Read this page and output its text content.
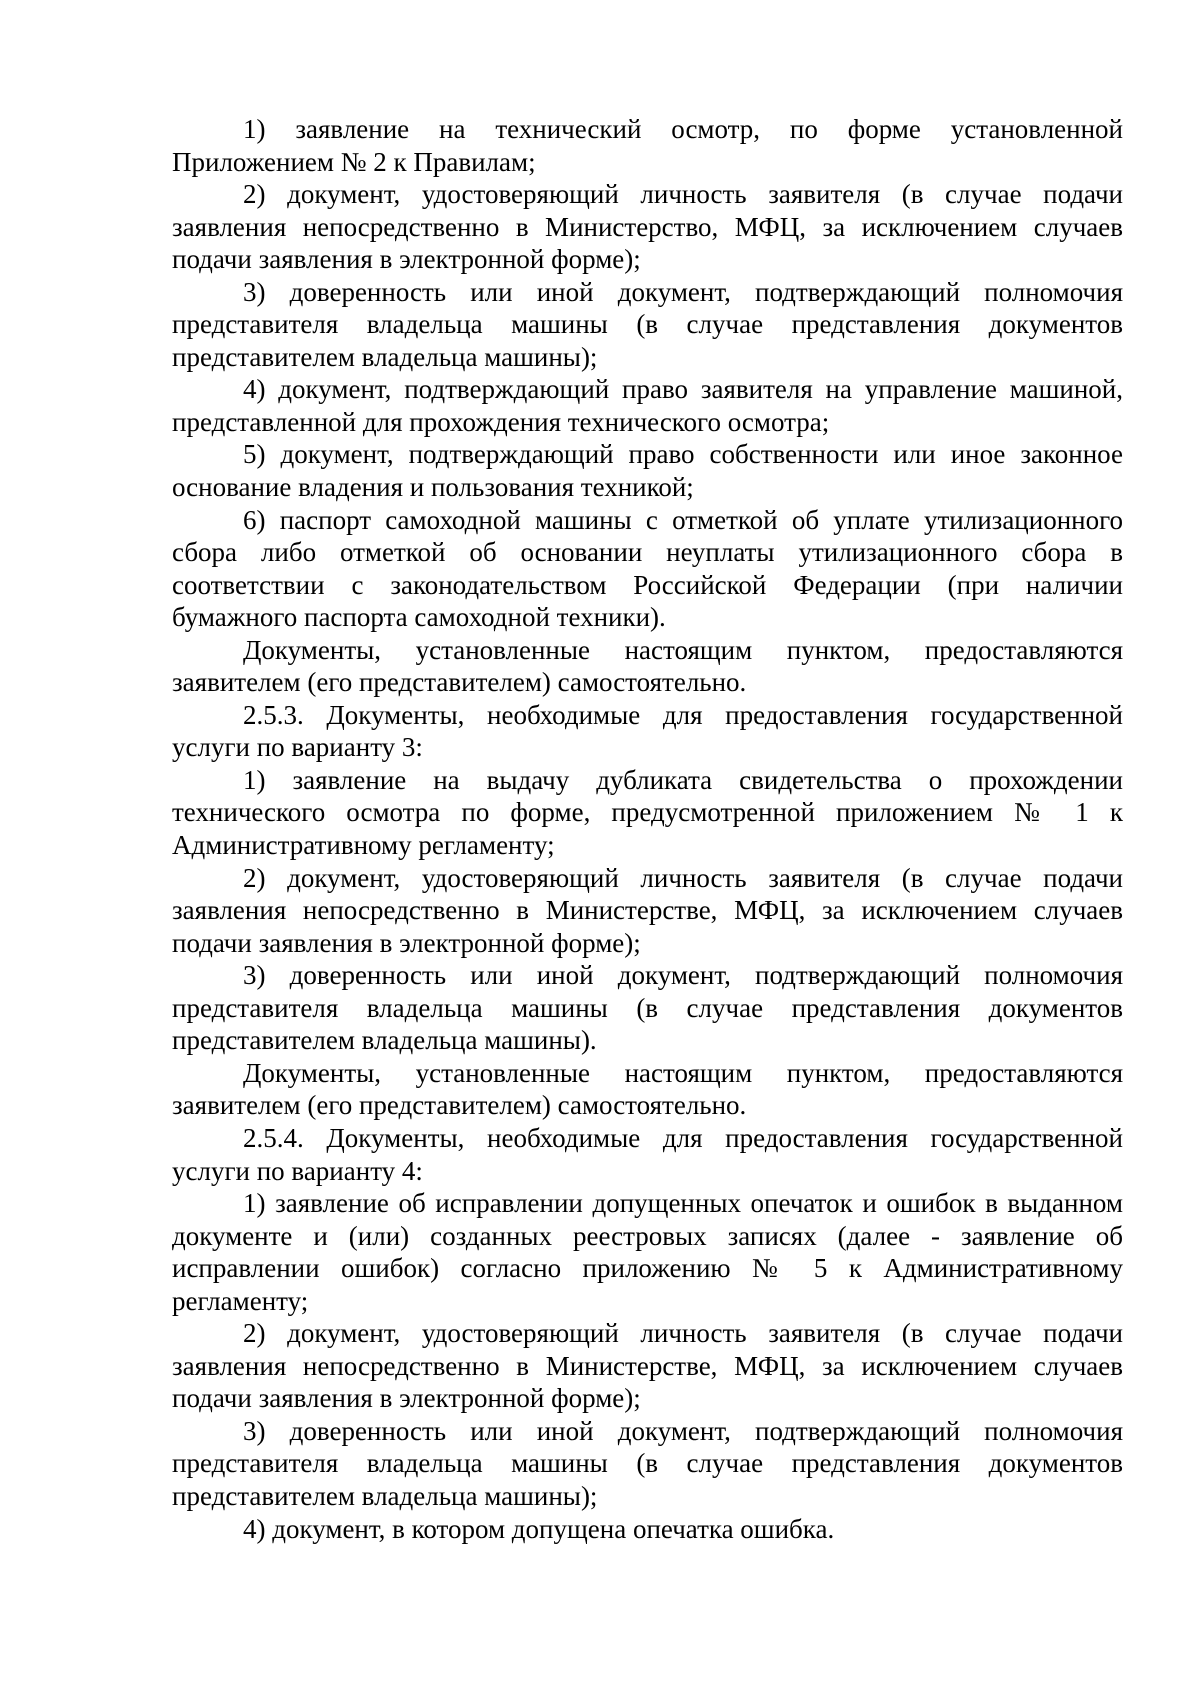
1) заявление на технический осмотр, по форме установленной Приложением № 2 к Правилам;

2) документ, удостоверяющий личность заявителя (в случае подачи заявления непосредственно в Министерство, МФЦ, за исключением случаев подачи заявления в электронной форме);

3) доверенность или иной документ, подтверждающий полномочия представителя владельца машины (в случае представления документов представителем владельца машины);

4) документ, подтверждающий право заявителя на управление машиной, представленной для прохождения технического осмотра;

5) документ, подтверждающий право собственности или иное законное основание владения и пользования техникой;

6) паспорт самоходной машины с отметкой об уплате утилизационного сбора либо отметкой об основании неуплаты утилизационного сбора в соответствии с законодательством Российской Федерации (при наличии бумажного паспорта самоходной техники).

Документы, установленные настоящим пунктом, предоставляются заявителем (его представителем) самостоятельно.

2.5.3. Документы, необходимые для предоставления государственной услуги по варианту 3:

1) заявление на выдачу дубликата свидетельства о прохождении технического осмотра по форме, предусмотренной приложением № 1 к Административному регламенту;

2) документ, удостоверяющий личность заявителя (в случае подачи заявления непосредственно в Министерстве, МФЦ, за исключением случаев подачи заявления в электронной форме);

3) доверенность или иной документ, подтверждающий полномочия представителя владельца машины (в случае представления документов представителем владельца машины).

Документы, установленные настоящим пунктом, предоставляются заявителем (его представителем) самостоятельно.

2.5.4. Документы, необходимые для предоставления государственной услуги по варианту 4:

1) заявление об исправлении допущенных опечаток и ошибок в выданном документе и (или) созданных реестровых записях (далее - заявление об исправлении ошибок) согласно приложению № 5 к Административному регламенту;

2) документ, удостоверяющий личность заявителя (в случае подачи заявления непосредственно в Министерстве, МФЦ, за исключением случаев подачи заявления в электронной форме);

3) доверенность или иной документ, подтверждающий полномочия представителя владельца машины (в случае представления документов представителем владельца машины);

4) документ, в котором допущена опечатка ошибка.
